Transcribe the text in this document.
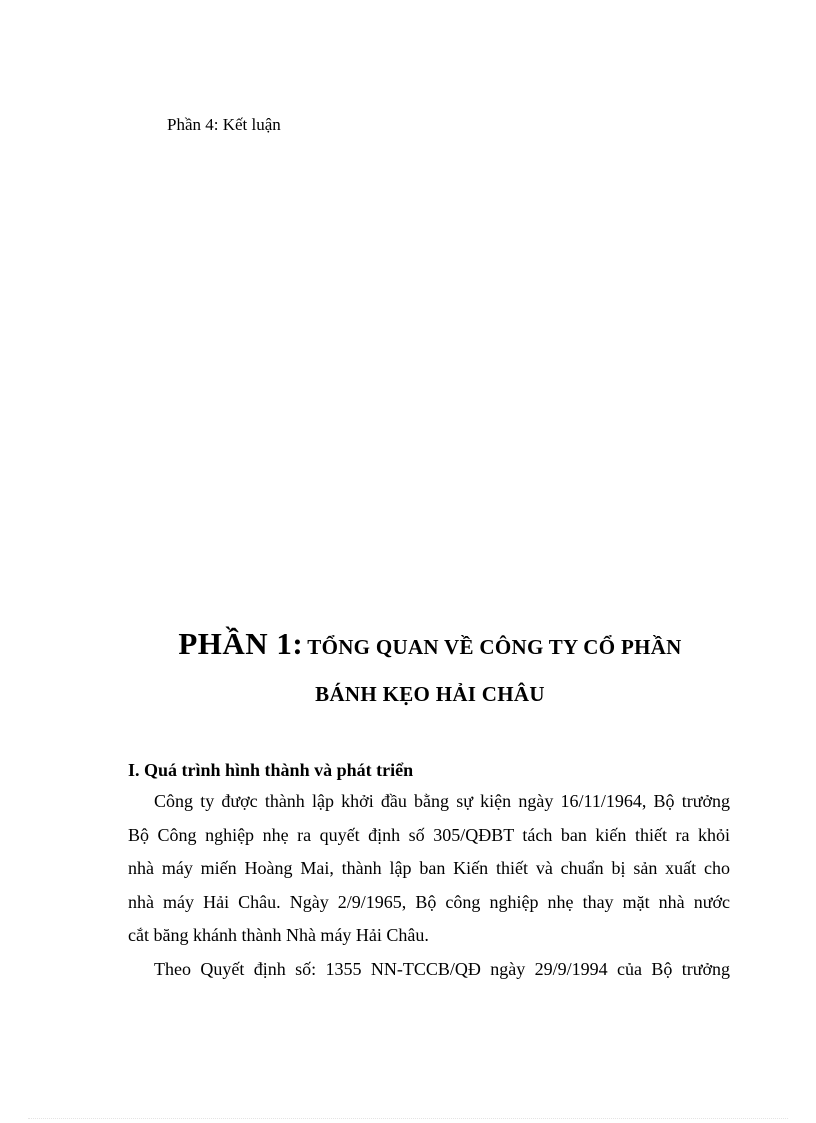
Phần 4: Kết luận
PHẦN 1: TỔNG QUAN VỀ CÔNG TY CỔ PHẦN
BÁNH KẸO HẢI CHÂU
I. Quá trình hình thành và phát triển
Công ty được thành lập khởi đầu bằng sự kiện ngày 16/11/1964, Bộ trưởng
Bộ Công nghiệp nhẹ ra quyết định số 305/QĐBT tách ban kiến thiết ra khỏi
nhà máy miến Hoàng Mai, thành lập ban Kiến thiết và chuẩn bị sản xuất cho
nhà máy Hải Châu. Ngày 2/9/1965, Bộ công nghiệp nhẹ thay mặt nhà nước
cắt băng khánh thành Nhà máy Hải Châu.
Theo Quyết định số: 1355 NN-TCCB/QĐ ngày 29/9/1994 của Bộ trưởng
